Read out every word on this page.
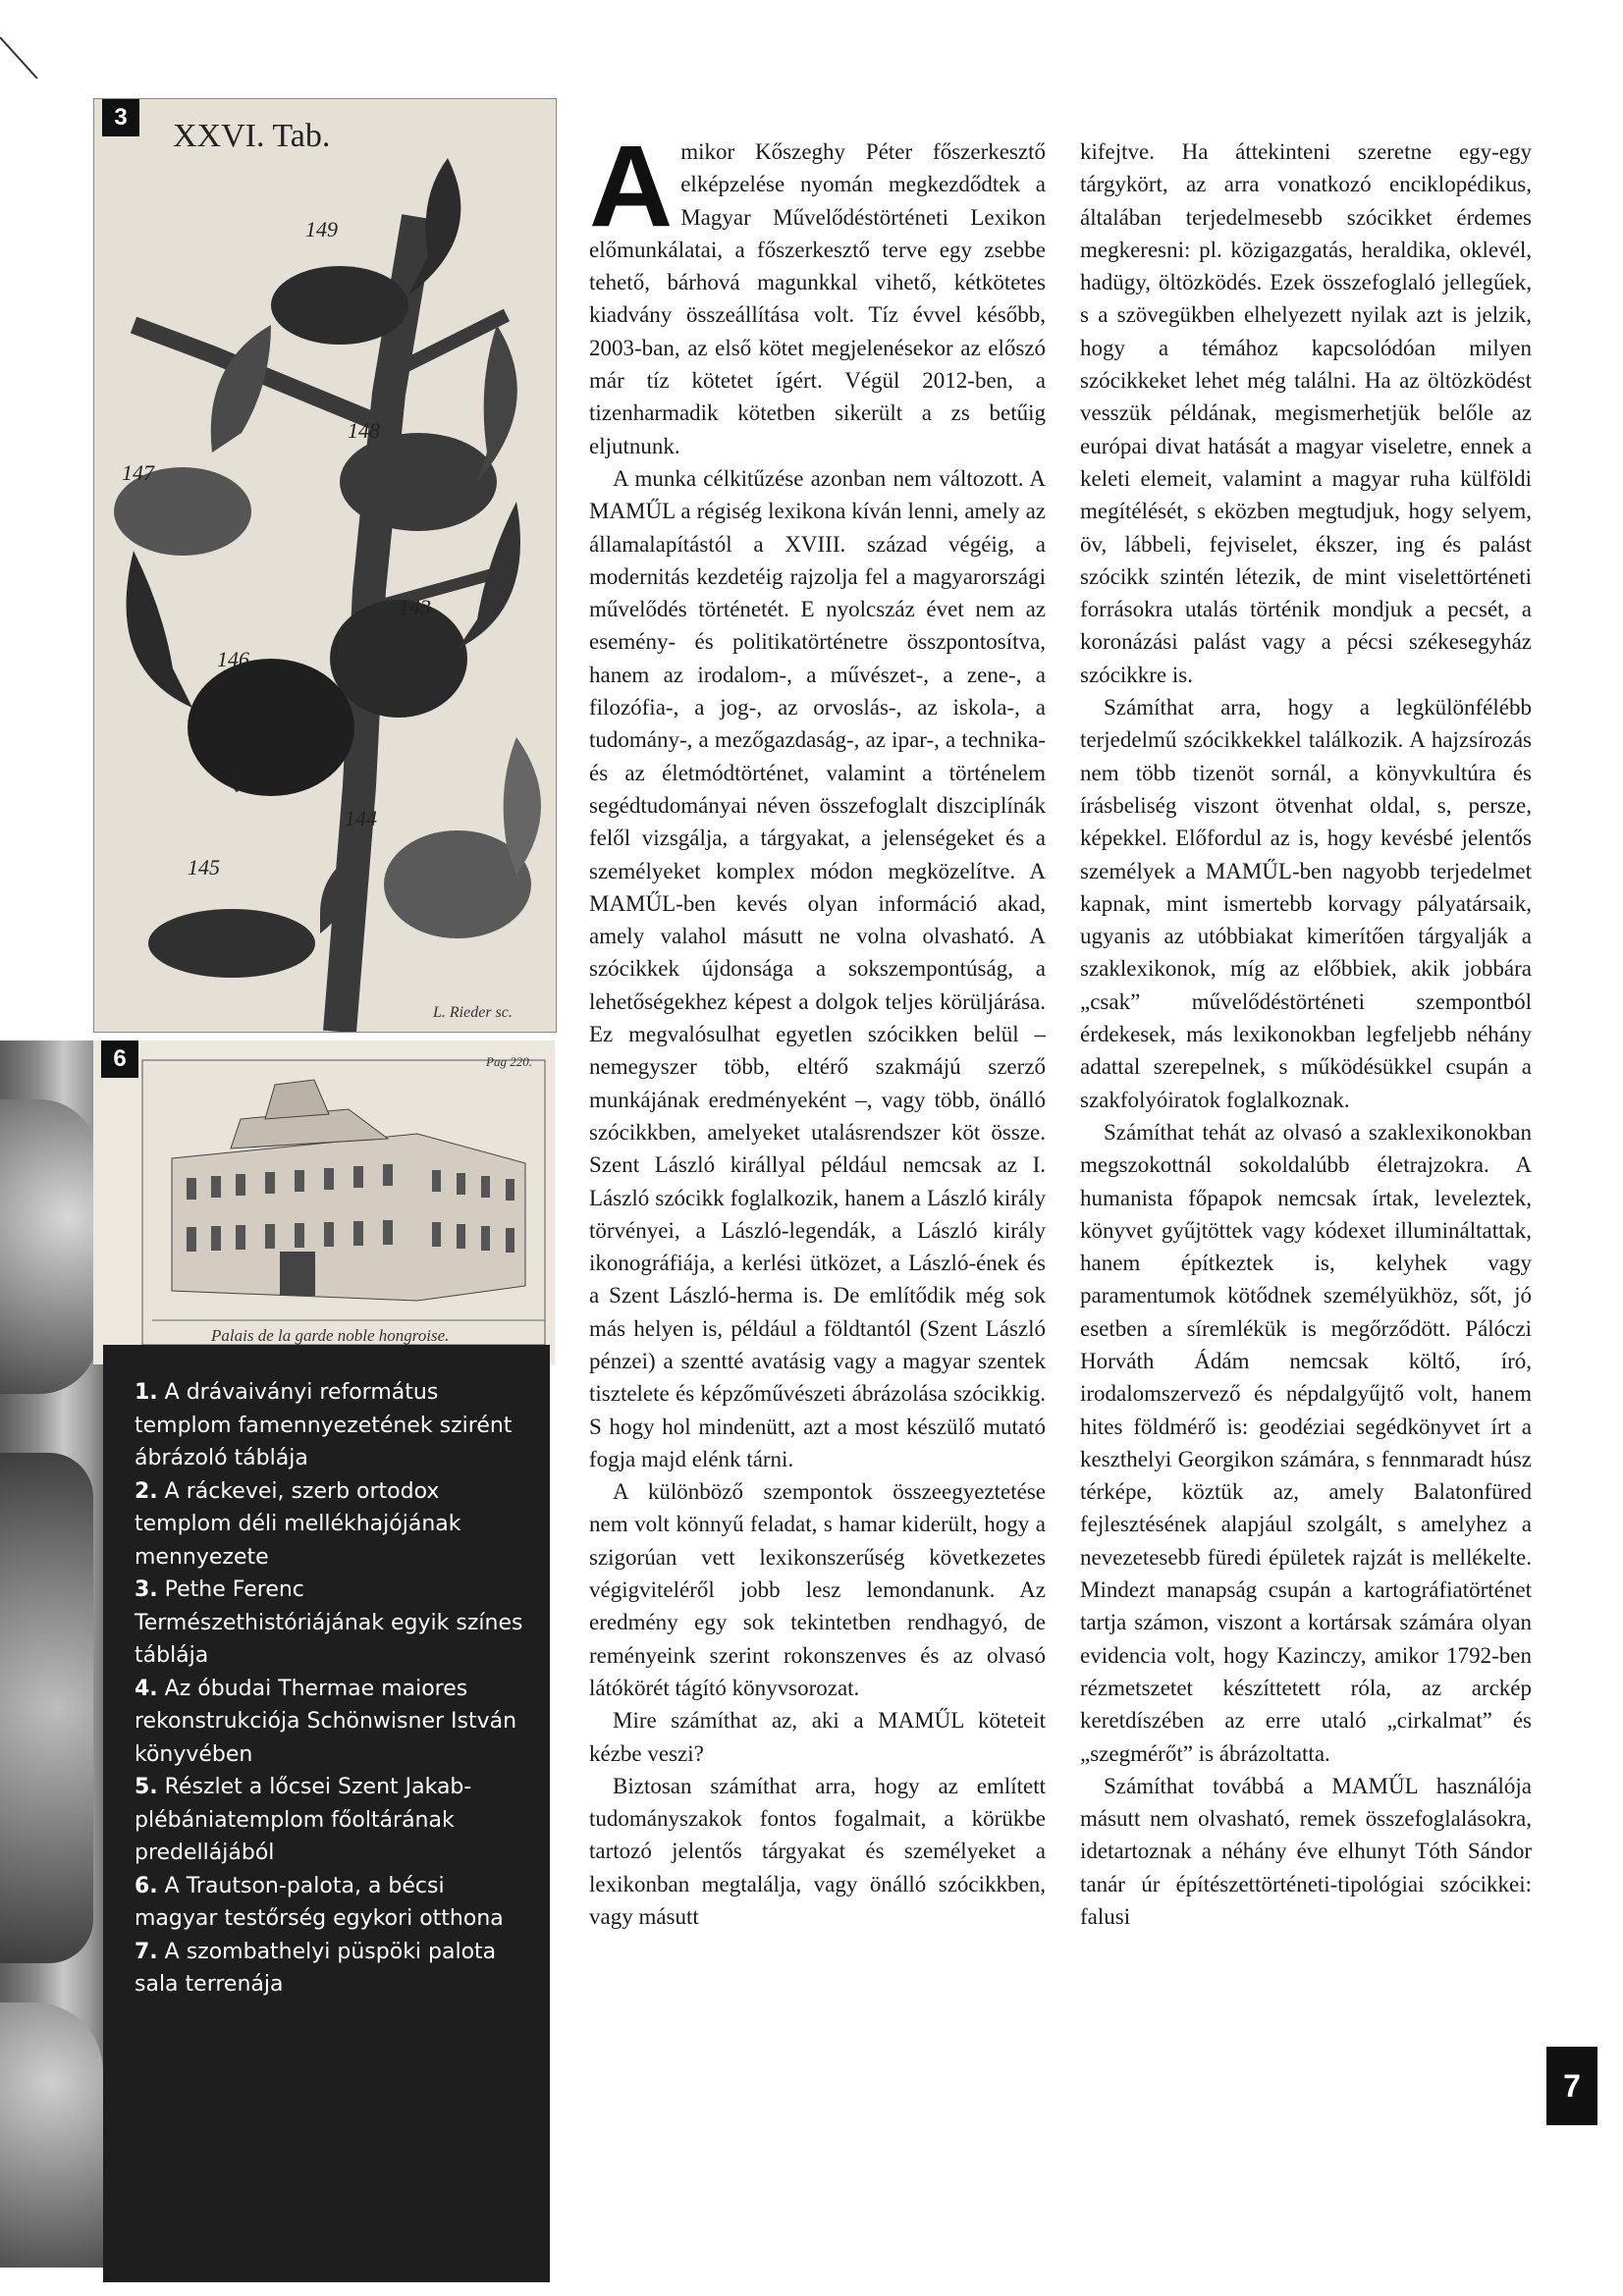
3
XXVI. Tab.
149
148
147
143
146
144
145
L. Rieder sc.
6	Pag 220.
Palais de la garde noble hongroise.

1. A drávaiványi református templom famennyezetének szirént ábrázoló táblája

2. A ráckevei, szerb ortodox templom déli mellékhajójának mennyezete

3. Pethe Ferenc Természethistóriájának egyik színes táblája

4. Az óbudai Thermae maiores rekonstrukciója Schönwisner István könyvében

5. Részlet a lőcsei Szent Jakab-plébániatemplom főoltárának predellájából

6. A Trautson-palota, a bécsi magyar testőrség egykori otthona

7. A szombathelyi püspöki palota sala terrenája

Amikor Kőszeghy Péter főszerkesztő elképzelése nyomán megkezdődtek a Magyar Művelődéstörténeti Lexikon előmunkálatai, a főszerkesztő terve egy zsebbe tehető, bárhová magunkkal vihető, kétkötetes kiadvány összeállítása volt. Tíz évvel később, 2003-ban, az első kötet megjelenésekor az előszó már tíz kötetet ígért. Végül 2012-ben, a tizenharmadik kötetben sikerült a zs betűig eljutnunk.

A munka célkitűzése azonban nem változott. A MAMŰL a régiség lexikona kíván lenni, amely az államalapítástól a XVIII. század végéig, a modernitás kezdetéig rajzolja fel a magyarországi művelődés történetét. E nyolcszáz évet nem az esemény- és politikatörténetre összpontosítva, hanem az irodalom-, a művészet-, a zene-, a filozófia-, a jog-, az orvoslás-, az iskola-, a tudomány-, a mezőgazdaság-, az ipar-, a technika- és az életmódtörténet, valamint a történelem segédtudományai néven összefoglalt diszciplínák felől vizsgálja, a tárgyakat, a jelenségeket és a személyeket komplex módon megközelítve. A MAMŰL-ben kevés olyan információ akad, amely valahol másutt ne volna olvasható. A szócikkek újdonsága a sokszempontúság, a lehetőségekhez képest a dolgok teljes körüljárása. Ez megvalósulhat egyetlen szócikken belül – nemegyszer több, eltérő szakmájú szerző munkájának eredményeként –, vagy több, önálló szócikkben, amelyeket utalásrendszer köt össze. Szent László királlyal például nemcsak az I. László szócikk foglalkozik, hanem a László király törvényei, a László-legendák, a László király ikonográfiája, a kerlési ütközet, a László-ének és a Szent László-herma is. De említődik még sok más helyen is, például a földtantól (Szent László pénzei) a szentté avatásig vagy a magyar szentek tisztelete és képzőművészeti ábrázolása szócikkig. S hogy hol mindenütt, azt a most készülő mutató fogja majd elénk tárni.

A különböző szempontok összeegyeztetése nem volt könnyű feladat, s hamar kiderült, hogy a szigorúan vett lexikonszerűség következetes végigviteléről jobb lesz lemondanunk. Az eredmény egy sok tekintetben rendhagyó, de reményeink szerint rokonszenves és az olvasó látókörét tágító könyvsorozat.

Mire számíthat az, aki a MAMŰL köteteit kézbe veszi?

Biztosan számíthat arra, hogy az említett tudományszakok fontos fogalmait, a körükbe tartozó jelentős tárgyakat és személyeket a lexikonban megtalálja, vagy önálló szócikkben, vagy másutt

kifejtve. Ha áttekinteni szeretne egy-egy tárgykört, az arra vonatkozó enciklopédikus, általában terjedelmesebb szócikket érdemes megkeresni: pl. közigazgatás, heraldika, oklevél, hadügy, öltözködés. Ezek összefoglaló jellegűek, s a szövegükben elhelyezett nyilak azt is jelzik, hogy a témához kapcsolódóan milyen szócikkeket lehet még találni. Ha az öltözködést vesszük példának, megismerhetjük belőle az európai divat hatását a magyar viseletre, ennek a keleti elemeit, valamint a magyar ruha külföldi megítélését, s eközben megtudjuk, hogy selyem, öv, lábbeli, fejviselet, ékszer, ing és palást szócikk szintén létezik, de mint viselettörténeti forrásokra utalás történik mondjuk a pecsét, a koronázási palást vagy a pécsi székesegyház szócikkre is.

Számíthat arra, hogy a legkülönfélébb terjedelmű szócikkekkel találkozik. A hajzsírozás nem több tizenöt sornál, a könyvkultúra és írásbeliség viszont ötvenhat oldal, s, persze, képekkel. Előfordul az is, hogy kevésbé jelentős személyek a MAMŰL-ben nagyobb terjedelmet kapnak, mint ismertebb korvagy pályatársaik, ugyanis az utóbbiakat kimerítően tárgyalják a szaklexikonok, míg az előbbiek, akik jobbára „csak” művelődéstörténeti szempontból érdekesek, más lexikonokban legfeljebb néhány adattal szerepelnek, s működésükkel csupán a szakfolyóiratok foglalkoznak.

Számíthat tehát az olvasó a szaklexikonokban megszokottnál sokoldalúbb életrajzokra. A humanista főpapok nemcsak írtak, leveleztek, könyvet gyűjtöttek vagy kódexet illumináltattak, hanem építkeztek is, kelyhek vagy paramentumok kötődnek személyükhöz, sőt, jó esetben a síremlékük is megőrződött. Pálóczi Horváth Ádám nemcsak költő, író, irodalomszervező és népdalgyűjtő volt, hanem hites földmérő is: geodéziai segédkönyvet írt a keszthelyi Georgikon számára, s fennmaradt húsz térképe, köztük az, amely Balatonfüred fejlesztésének alapjául szolgált, s amelyhez a nevezetesebb füredi épületek rajzát is mellékelte. Mindezt manapság csupán a kartográfiatörténet tartja számon, viszont a kortársak számára olyan evidencia volt, hogy Kazinczy, amikor 1792-ben rézmetszetet készíttetett róla, az arckép keretdíszében az erre utaló „cirkalmat” és „szegmérőt” is ábrázoltatta.

Számíthat továbbá a MAMŰL használója másutt nem olvasható, remek összefoglalásokra, idetartoznak a néhány éve elhunyt Tóth Sándor tanár úr építészettörténeti-tipológiai szócikkei: falusi

7
